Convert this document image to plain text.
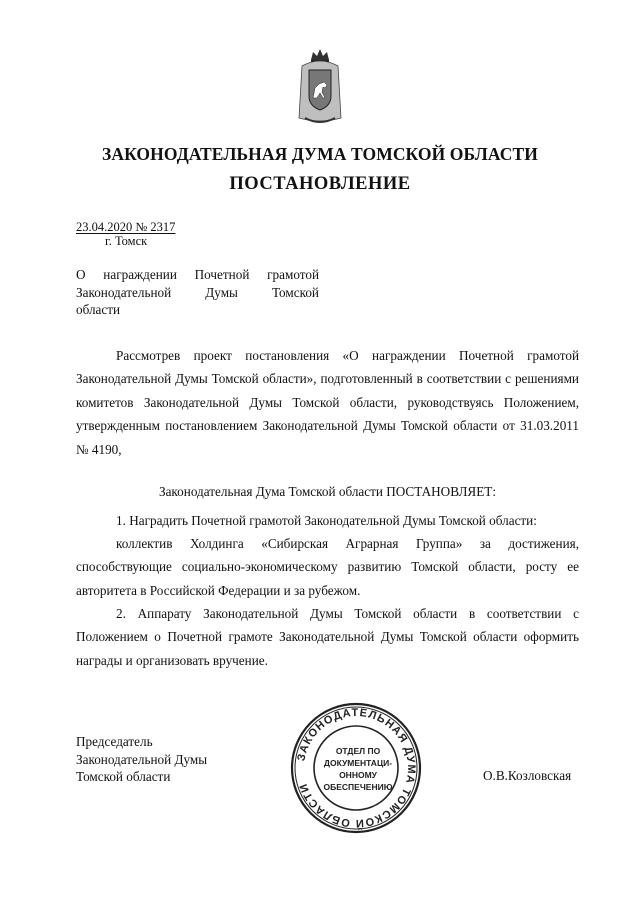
ЗАКОНОДАТЕЛЬНАЯ ДУМА ТОМСКОЙ ОБЛАСТИ
ПОСТАНОВЛЕНИЕ
23.04.2020 № 2317
г. Томск
О награждении Почетной грамотой
Законодательной Думы Томской
области
Рассмотрев проект постановления «О награждении Почетной грамотой Законодательной Думы Томской области», подготовленный в соответствии с решениями комитетов Законодательной Думы Томской области, руководствуясь Положением, утвержденным постановлением Законодательной Думы Томской области от 31.03.2011 № 4190,
Законодательная Дума Томской области ПОСТАНОВЛЯЕТ:
1. Наградить Почетной грамотой Законодательной Думы Томской области:
коллектив Холдинга «Сибирская Аграрная Группа» за достижения, способствующие социально-экономическому развитию Томской области, росту ее авторитета в Российской Федерации и за рубежом.
2. Аппарату Законодательной Думы Томской области в соответствии с Положением о Почетной грамоте Законодательной Думы Томской области оформить награды и организовать вручение.
Председатель
Законодательной Думы
Томской области
ЗАКОНОДАТЕЛЬНАЯ ДУМА ТОМСКОЙ ОБЛАСТИ
ОТДЕЛ ПО
ДОКУМЕНТАЦИ-
ОННОМУ
ОБЕСПЕЧЕНИЮ
О.В.Козловская
